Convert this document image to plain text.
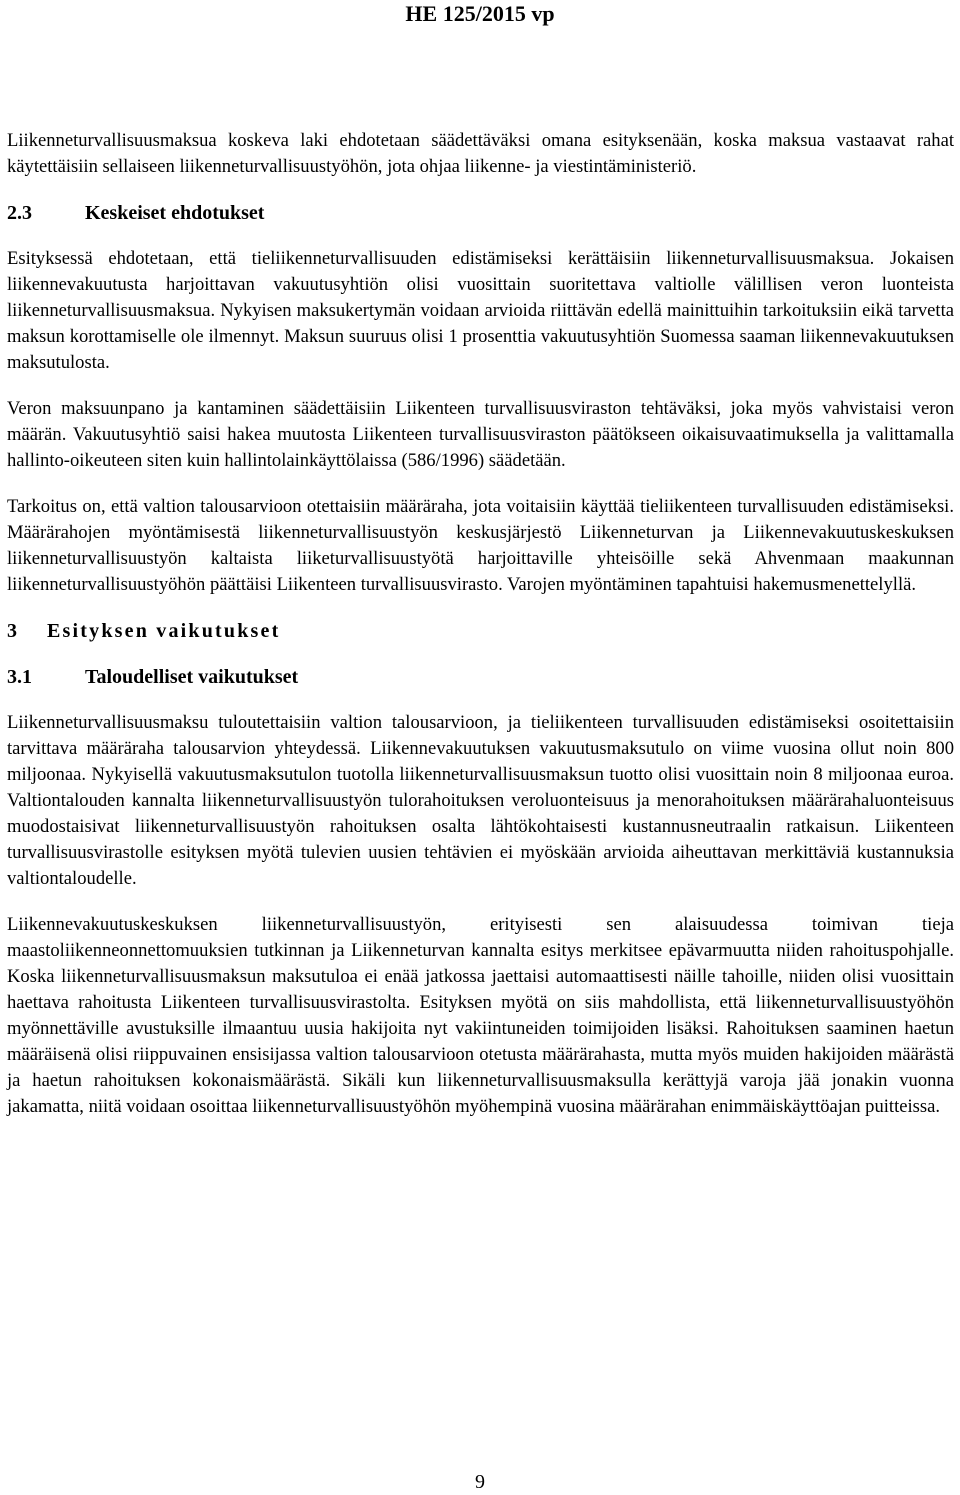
HE 125/2015 vp

Liikenneturvallisuusmaksua koskeva laki ehdotetaan säädettäväksi omana esityksenään, koska maksua vastaavat rahat käytettäisiin sellaiseen liikenneturvallisuustyöhön, jota ohjaa liikenne- ja viestintäministeriö.

2.3	Keskeiset ehdotukset

Esityksessä ehdotetaan, että tieliikenneturvallisuuden edistämiseksi kerättäisiin liikenneturvallisuusmaksua. Jokaisen liikennevakuutusta harjoittavan vakuutusyhtiön olisi vuosittain suoritettava valtiolle välillisen veron luonteista liikenneturvallisuusmaksua. Nykyisen maksukertymän voidaan arvioida riittävän edellä mainittuihin tarkoituksiin eikä tarvetta maksun korottamiselle ole ilmennyt. Maksun suuruus olisi 1 prosenttia vakuutusyhtiön Suomessa saaman liikennevakuutuksen maksutulosta.

Veron maksuunpano ja kantaminen säädettäisiin Liikenteen turvallisuusviraston tehtäväksi, joka myös vahvistaisi veron määrän. Vakuutusyhtiö saisi hakea muutosta Liikenteen turvallisuusviraston päätökseen oikaisuvaatimuksella ja valittamalla hallinto-oikeuteen siten kuin hallintolainkäyttölaissa (586/1996) säädetään.

Tarkoitus on, että valtion talousarvioon otettaisiin määräraha, jota voitaisiin käyttää tieliikenteen turvallisuuden edistämiseksi. Määrärahojen myöntämisestä liikenneturvallisuustyön keskusjärjestö Liikenneturvan ja Liikennevakuutuskeskuksen liikenneturvallisuustyön kaltaista liiketurvallisuustyötä harjoittaville yhteisöille sekä Ahvenmaan maakunnan liikenneturvallisuustyöhön päättäisi Liikenteen turvallisuusvirasto. Varojen myöntäminen tapahtuisi hakemusmenettelyllä.

3 Esityksen vaikutukset
3.1	Taloudelliset vaikutukset

Liikenneturvallisuusmaksu tuloutettaisiin valtion talousarvioon, ja tieliikenteen turvallisuuden edistämiseksi osoitettaisiin tarvittava määräraha talousarvion yhteydessä. Liikennevakuutuksen vakuutusmaksutulo on viime vuosina ollut noin 800 miljoonaa. Nykyisellä vakuutusmaksutulon tuotolla liikenneturvallisuusmaksun tuotto olisi vuosittain noin 8 miljoonaa euroa. Valtiontalouden kannalta liikenneturvallisuustyön tulorahoituksen veroluonteisuus ja menorahoituksen määrärahaluonteisuus muodostaisivat liikenneturvallisuustyön rahoituksen osalta lähtökohtaisesti kustannusneutraalin ratkaisun. Liikenteen turvallisuusvirastolle esityksen myötä tulevien uusien tehtävien ei myöskään arvioida aiheuttavan merkittäviä kustannuksia valtiontaloudelle.

Liikennevakuutuskeskuksen liikenneturvallisuustyön, erityisesti sen alaisuudessa toimivan tieja maastoliikenneonnettomuuksien tutkinnan ja Liikenneturvan kannalta esitys merkitsee epävarmuutta niiden rahoituspohjalle. Koska liikenneturvallisuusmaksun maksutuloa ei enää jatkossa jaettaisi automaattisesti näille tahoille, niiden olisi vuosittain haettava rahoitusta Liikenteen turvallisuusvirastolta. Esityksen myötä on siis mahdollista, että liikenneturvallisuustyöhön myönnettäville avustuksille ilmaantuu uusia hakijoita nyt vakiintuneiden toimijoiden lisäksi. Rahoituksen saaminen haetun määräisenä olisi riippuvainen ensisijassa valtion talousarvioon otetusta määrärahasta, mutta myös muiden hakijoiden määrästä ja haetun rahoituksen kokonaismäärästä. Sikäli kun liikenneturvallisuusmaksulla kerättyjä varoja jää jonakin vuonna jakamatta, niitä voidaan osoittaa liikenneturvallisuustyöhön myöhempinä vuosina määrärahan enimmäiskäyttöajan puitteissa.

9
